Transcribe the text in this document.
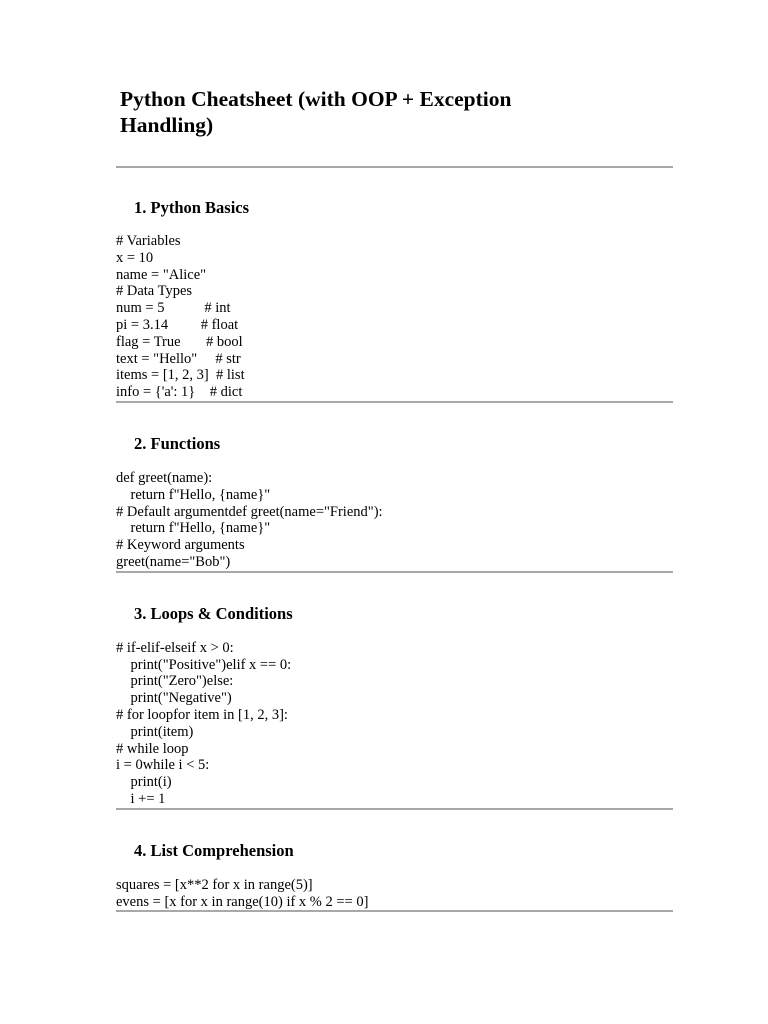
Python Cheatsheet (with OOP + Exception
Handling)
1. Python Basics
# Variables
x = 10
name = "Alice"
# Data Types
num = 5           # int
pi = 3.14         # float
flag = True       # bool
text = "Hello"     # str
items = [1, 2, 3]  # list
info = {'a': 1}    # dict
2. Functions
def greet(name):
return f"Hello, {name}"
# Default argumentdef greet(name="Friend"):
return f"Hello, {name}"
# Keyword arguments
greet(name="Bob")
3. Loops & Conditions
# if-elif-elseif x > 0:
print("Positive")elif x == 0:
print("Zero")else:
print("Negative")
# for loopfor item in [1, 2, 3]:
print(item)
# while loop
i = 0while i < 5:
print(i)
i += 1
4. List Comprehension
squares = [x**2 for x in range(5)]
evens = [x for x in range(10) if x % 2 == 0]
